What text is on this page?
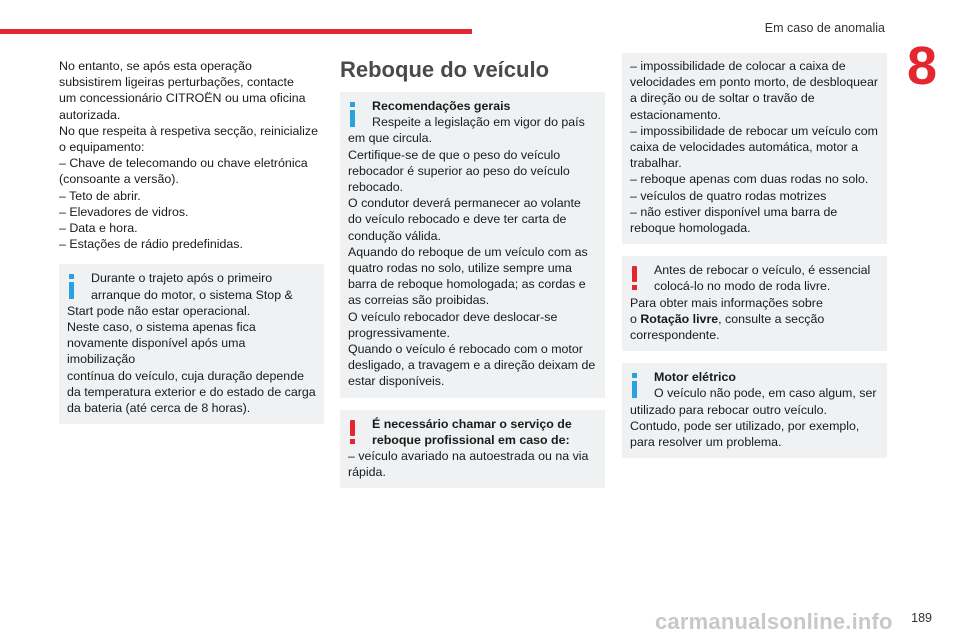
Em caso de anomalia
8
No entanto, se após esta operação
subsistirem ligeiras perturbações, contacte
um concessionário CITROËN ou uma oficina
autorizada.
No que respeita à respetiva secção, reinicialize
o equipamento:
– Chave de telecomando ou chave eletrónica
(consoante a versão).
– Teto de abrir.
– Elevadores de vidros.
– Data e hora.
– Estações de rádio predefinidas.
Durante o trajeto após o primeiro
arranque do motor, o sistema Stop &
Start pode não estar operacional.
Neste caso, o sistema apenas fica
novamente disponível após uma imobilização
contínua do veículo, cuja duração depende
da temperatura exterior e do estado de carga
da bateria (até cerca de 8 horas).
Reboque do veículo
Recomendações gerais
Respeite a legislação em vigor do país
em que circula.
Certifique-se de que o peso do veículo
rebocador é superior ao peso do veículo
rebocado.
O condutor deverá permanecer ao volante
do veículo rebocado e deve ter carta de
condução válida.
Aquando do reboque de um veículo com as
quatro rodas no solo, utilize sempre uma
barra de reboque homologada; as cordas e
as correias são proibidas.
O veículo rebocador deve deslocar-se
progressivamente.
Quando o veículo é rebocado com o motor
desligado, a travagem e a direção deixam de
estar disponíveis.
É necessário chamar o serviço de
reboque profissional em caso de:
– veículo avariado na autoestrada ou na via
rápida.
– impossibilidade de colocar a caixa de
velocidades em ponto morto, de desbloquear
a direção ou de soltar o travão de
estacionamento.
– impossibilidade de rebocar um veículo com
caixa de velocidades automática, motor a
trabalhar.
– reboque apenas com duas rodas no solo.
– veículos de quatro rodas motrizes
– não estiver disponível uma barra de
reboque homologada.
Antes de rebocar o veículo, é essencial
colocá-lo no modo de roda livre.
Para obter mais informações sobre
o Rotação livre, consulte a secção
correspondente.
Motor elétrico
O veículo não pode, em caso algum, ser
utilizado para rebocar outro veículo.
Contudo, pode ser utilizado, por exemplo,
para resolver um problema.
carmanualsonline.info 189
